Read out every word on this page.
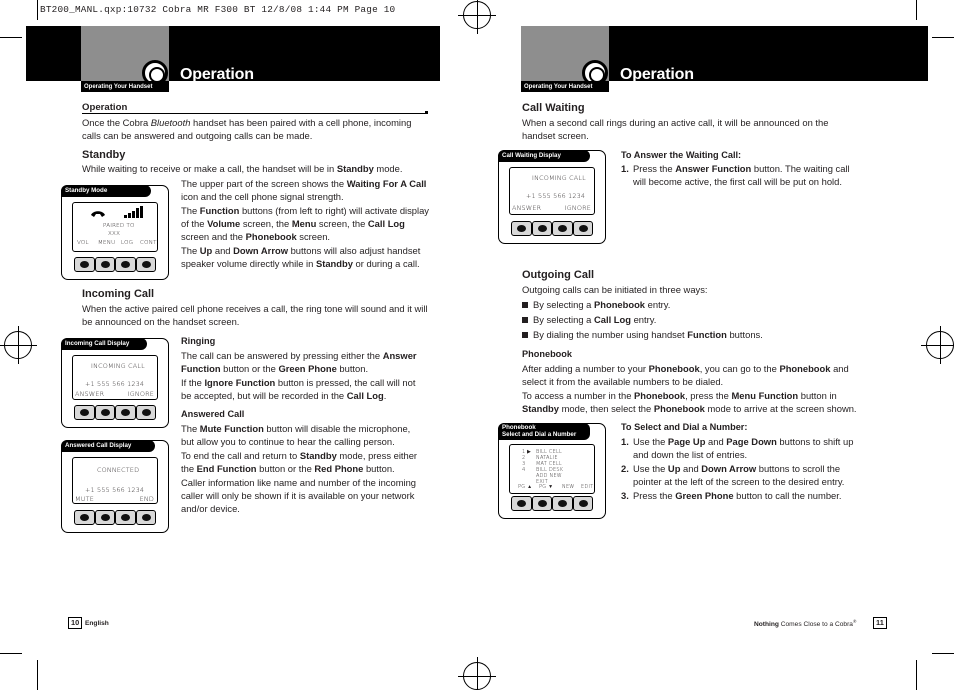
BT200_MANL.qxp:10732 Cobra MR F300 BT 12/8/08 1:44 PM Page 10
Operation	Operation
Operating Your Handset	Operating Your Handset
Operation
Once the Cobra Bluetooth handset has been paired with a cell phone, incoming calls can be answered and outgoing calls can be made.
Standby
While waiting to receive or make a call, the handset will be in Standby mode.
Standby Mode
PAIRED TO
XXX
VOL MENU LOG CONT
The upper part of the screen shows the Waiting For A Call icon and the cell phone signal strength.
The Function buttons (from left to right) will activate display of the Volume screen, the Menu screen, the Call Log screen and the Phonebook screen.
The Up and Down Arrow buttons will also adjust handset speaker volume directly while in Standby or during a call.
Incoming Call
When the active paired cell phone receives a call, the ring tone will sound and it will be announced on the handset screen.
Incoming Call Display
INCOMING CALL
+1 555 566 1234
ANSWER	IGNORE
Ringing
The call can be answered by pressing either the Answer Function button or the Green Phone button.
If the Ignore Function button is pressed, the call will not be accepted, but will be recorded in the Call Log.
Answered Call
The Mute Function button will disable the microphone, but allow you to continue to hear the calling person.
To end the call and return to Standby mode, press either the End Function button or the Red Phone button.
Caller information like name and number of the incoming caller will only be shown if it is available on your network and/or device.
Answered Call Display
CONNECTED
+1 555 566 1234
MUTE	END
10 English
Call Waiting
When a second call rings during an active call, it will be announced on the handset screen.
Call Waiting Display
INCOMING CALL
+1 555 566 1234
ANSWER	IGNORE
To Answer the Waiting Call:
1. Press the Answer Function button. The waiting call will become active, the first call will be put on hold.
Outgoing Call
Outgoing calls can be initiated in three ways:
By selecting a Phonebook entry.
By selecting a Call Log entry.
By dialing the number using handset Function buttons.
Phonebook
After adding a number to your Phonebook, you can go to the Phonebook and select it from the available numbers to be dialed.
To access a number in the Phonebook, press the Menu Function button in Standby mode, then select the Phonebook mode to arrive at the screen shown.
Phonebook
Select and Dial a Number
1
2
3
4
▶ BILL CELL
NATALIE
MAT CELL
BILL DESK
ADD NEW
EXIT
PG ▲ PG ▼ NEW EDIT
To Select and Dial a Number:
1. Use the Page Up and Page Down buttons to shift up and down the list of entries.
2. Use the Up and Down Arrow buttons to scroll the pointer at the left of the screen to the desired entry.
3. Press the Green Phone button to call the number.
Nothing Comes Close to a Cobra®	11
